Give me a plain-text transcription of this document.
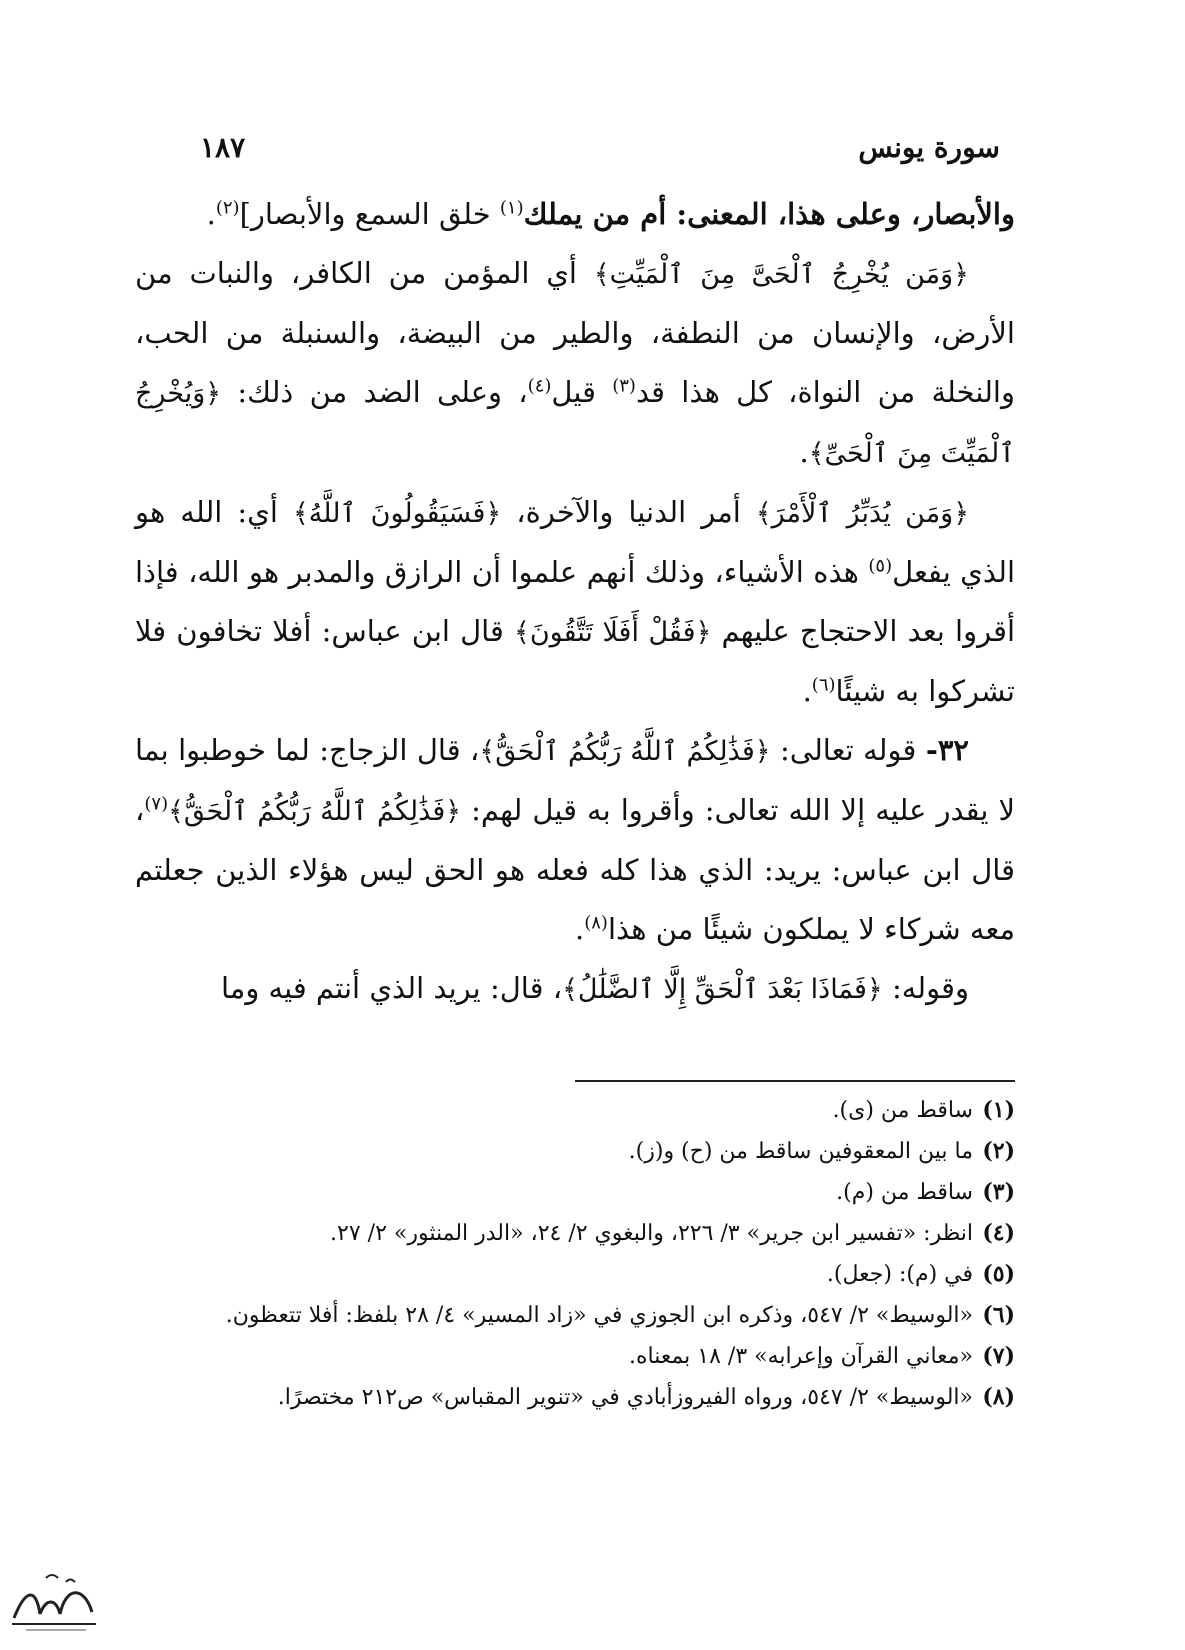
سورة يونس
١٨٧

والأبصار، وعلى هذا، المعنى: أم من يملك$^{(١)}$ خلق السمع والأبصار]$^{(٢)}$.

﴿وَمَن يُخْرِجُ ٱلْحَىَّ مِنَ ٱلْمَيِّتِ﴾ أي المؤمن من الكافر، والنبات من الأرض، والإنسان من النطفة، والطير من البيضة، والسنبلة من الحب، والنخلة من النواة، كل هذا قد$^{(٣)}$ قيل$^{(٤)}$، وعلى الضد من ذلك: ﴿وَيُخْرِجُ ٱلْمَيِّتَ مِنَ ٱلْحَىِّ﴾.

﴿وَمَن يُدَبِّرُ ٱلْأَمْرَ﴾ أمر الدنيا والآخرة، ﴿فَسَيَقُولُونَ ٱللَّهُ﴾ أي: الله هو الذي يفعل$^{(٥)}$ هذه الأشياء، وذلك أنهم علموا أن الرازق والمدبر هو الله، فإذا أقروا بعد الاحتجاج عليهم ﴿فَقُلْ أَفَلَا تَتَّقُونَ﴾ قال ابن عباس: أفلا تخافون فلا تشركوا به شيئًا$^{(٦)}$.

٣٢- قوله تعالى: ﴿فَذَٰلِكُمُ ٱللَّهُ رَبُّكُمُ ٱلْحَقُّ﴾، قال الزجاج: لما خوطبوا بما لا يقدر عليه إلا الله تعالى: وأقروا به قيل لهم: ﴿فَذَٰلِكُمُ ٱللَّهُ رَبُّكُمُ ٱلْحَقُّ﴾$^{(٧)}$، قال ابن عباس: يريد: الذي هذا كله فعله هو الحق ليس هؤلاء الذين جعلتم معه شركاء لا يملكون شيئًا من هذا$^{(٨)}$.

وقوله: ﴿فَمَاذَا بَعْدَ ٱلْحَقِّ إِلَّا ٱلضَّلَٰلُ﴾، قال: يريد الذي أنتم فيه وما

(١)
ساقط من (ى).
(٢)
ما بين المعقوفين ساقط من (ح) و(ز).
(٣)
ساقط من (م).
(٤)
انظر: «تفسير ابن جرير» ٣/ ٢٢٦، والبغوي ٢/ ٢٤، «الدر المنثور» ٢/ ٢٧.
(٥)
في (م): (جعل).
(٦)
«الوسيط» ٢/ ٥٤٧، وذكره ابن الجوزي في «زاد المسير» ٤/ ٢٨ بلفظ: أفلا تتعظون.
(٧)
«معاني القرآن وإعرابه» ٣/ ١٨ بمعناه.
(٨)
«الوسيط» ٢/ ٥٤٧، ورواه الفيروزأبادي في «تنوير المقباس» ص٢١٢ مختصرًا.
